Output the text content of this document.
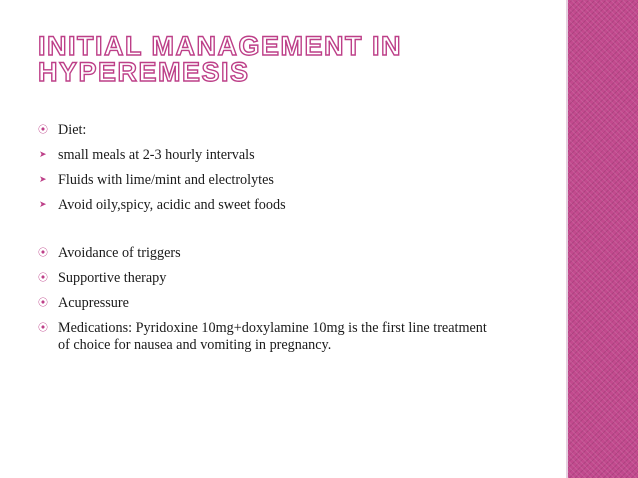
INITIAL MANAGEMENT IN
HYPEREMESIS
⦿ Diet:
➤ small meals at 2-3 hourly intervals
➤ Fluids with lime/mint and electrolytes
➤ Avoid oily,spicy, acidic and sweet foods
⦿ Avoidance of triggers
⦿ Supportive therapy
⦿ Acupressure
⦿ Medications: Pyridoxine 10mg+doxylamine 10mg is the first line treatment of choice for nausea and vomiting in pregnancy.
